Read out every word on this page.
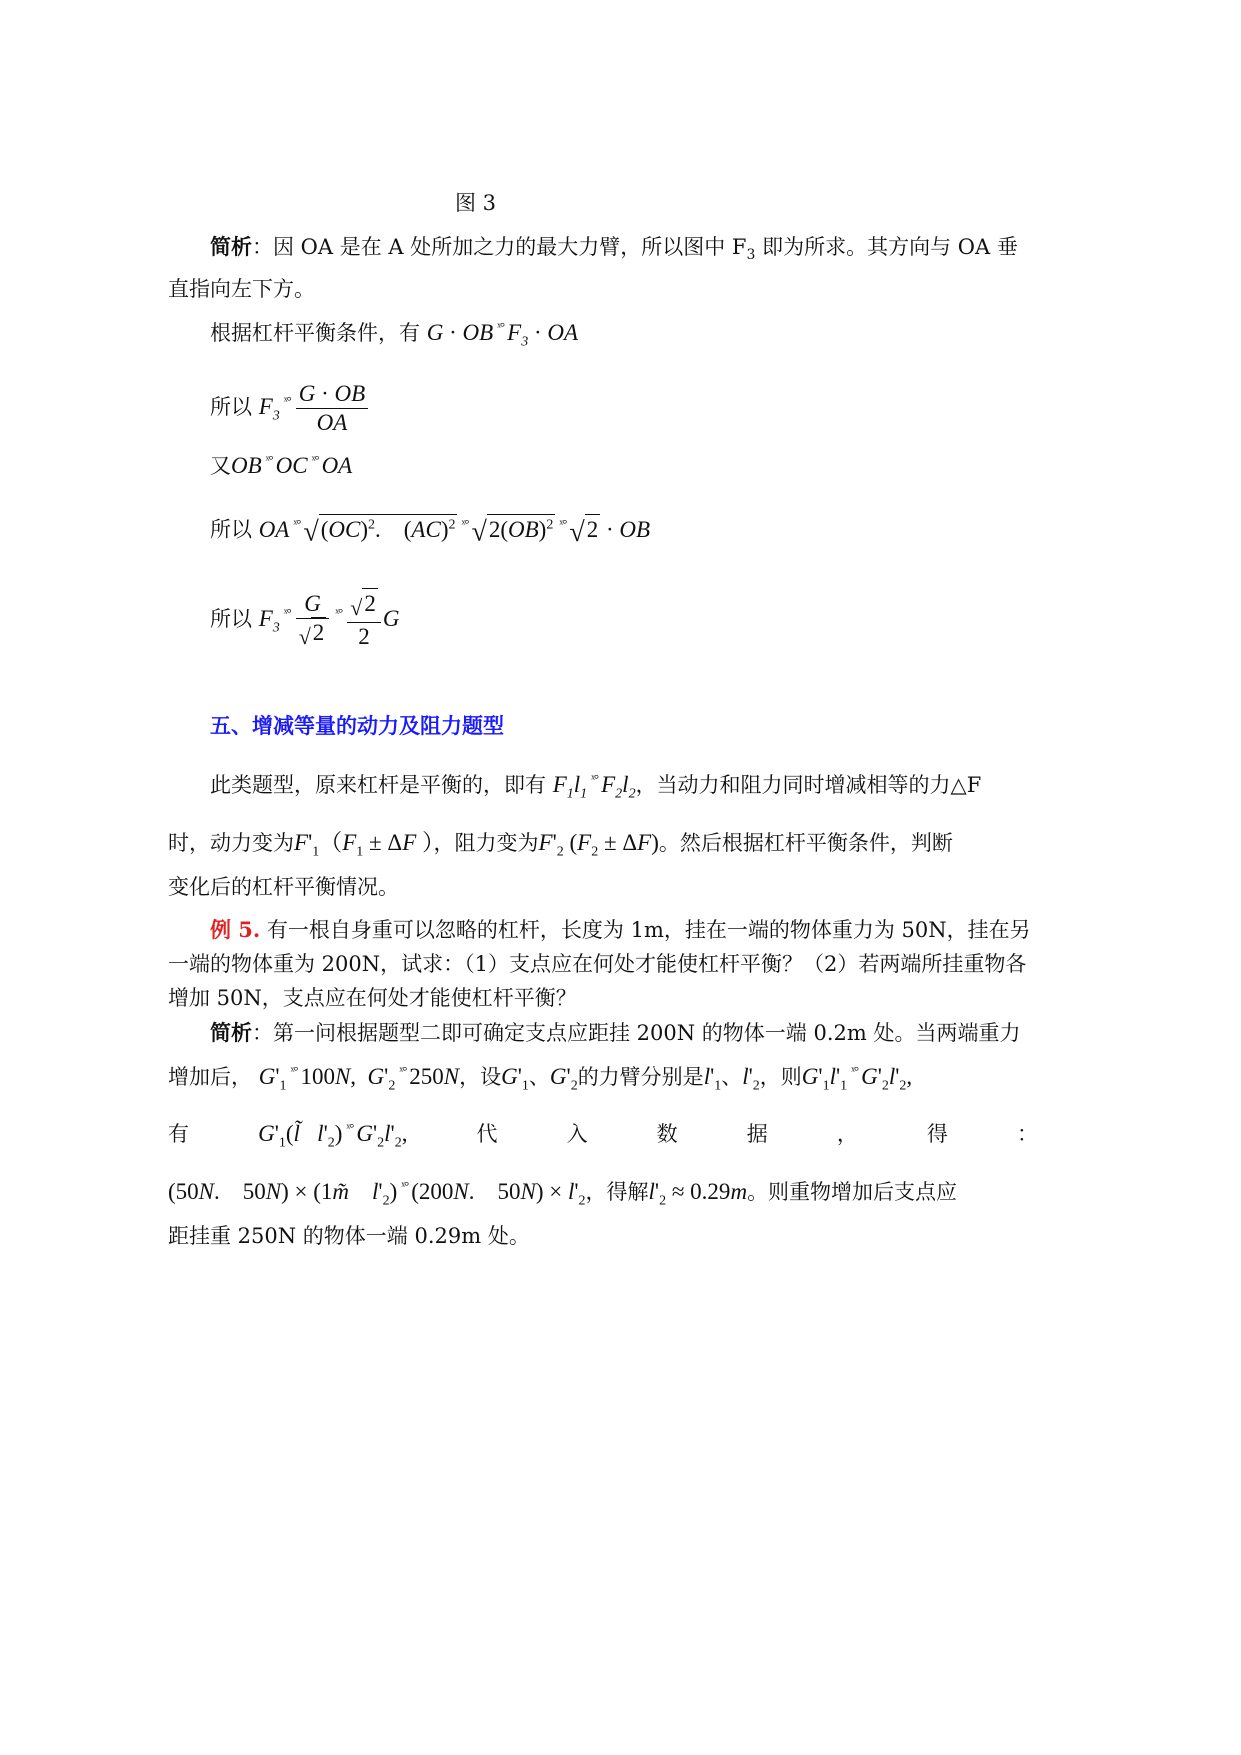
图 3
简析：因 OA 是在 A 处所加之力的最大力臂，所以图中 $F_3$ 即为所求。其方向与 OA 垂直指向左下方。
根据杠杆平衡条件，有 G · OB $^{ˣ^\circ}$ $F_3$ · OA
所以 $F_3^{ˣ^\circ} \frac{G \cdot OB}{OA}$
又OB $^{ˣ^\circ}$ OC $^{ˣ^\circ}$ OA
所以 OA $^{ˣ^\circ}$ √(OC)$^2$.    (AC)$^2$ $^{ˣ^\circ}$ √2(OB)$^2$ $^{ˣ^\circ}$ √2 · OB
所以 $F_3^{ˣ^\circ} \frac{G}{√2} ^{ˣ^\circ} \frac{√2}{2}$ G
五、增减等量的动力及阻力题型
此类题型，原来杠杆是平衡的，即有 $F_1l_1^{ˣ^\circ}$ $F_2l_2$，当动力和阻力同时增减相等的力△F
时，动力变为$F'_1(F_1 \pm \Delta F$ ），阻力变为$F'_2$ $(F_2 \pm \Delta F)$。然后根据杠杆平衡条件，判断
变化后的杠杆平衡情况。
例 5. 有一根自身重可以忽略的杠杆，长度为 1m，挂在一端的物体重力为 50N，挂在另一端的物体重为 200N，试求：（1）支点应在何处才能使杠杆平衡？（2）若两端所挂重物各增加 50N，支点应在何处才能使杠杆平衡？
简析：第一问根据题型二即可确定支点应距挂 200N 的物体一端 0.2m 处。当两端重力
增加后， $G'_1^{ˣ^\circ}$ 100N,  $G'_2^{ˣ^\circ}$ 250N，设$G'_1$、$G'_2$的力臂分别是$l'_1$、$l'_2$，则$G'_1l'_1^{ˣ^\circ}$ $G'_2l'_2$,
有	$G'_1(l̃$ $l'_2$) $^{ˣ^\circ}$ $G'_2l'_2$,	代	入	数	据	，	得	：
(50N.    50N) × (1m̃ $l'_2$) $^{ˣ^\circ}$ (200N.    $50N) \times l'_2$，得解$l'_2 \approx 0.29m$。则重物增加后支点应
距挂重 250N 的物体一端 0.29m 处。
